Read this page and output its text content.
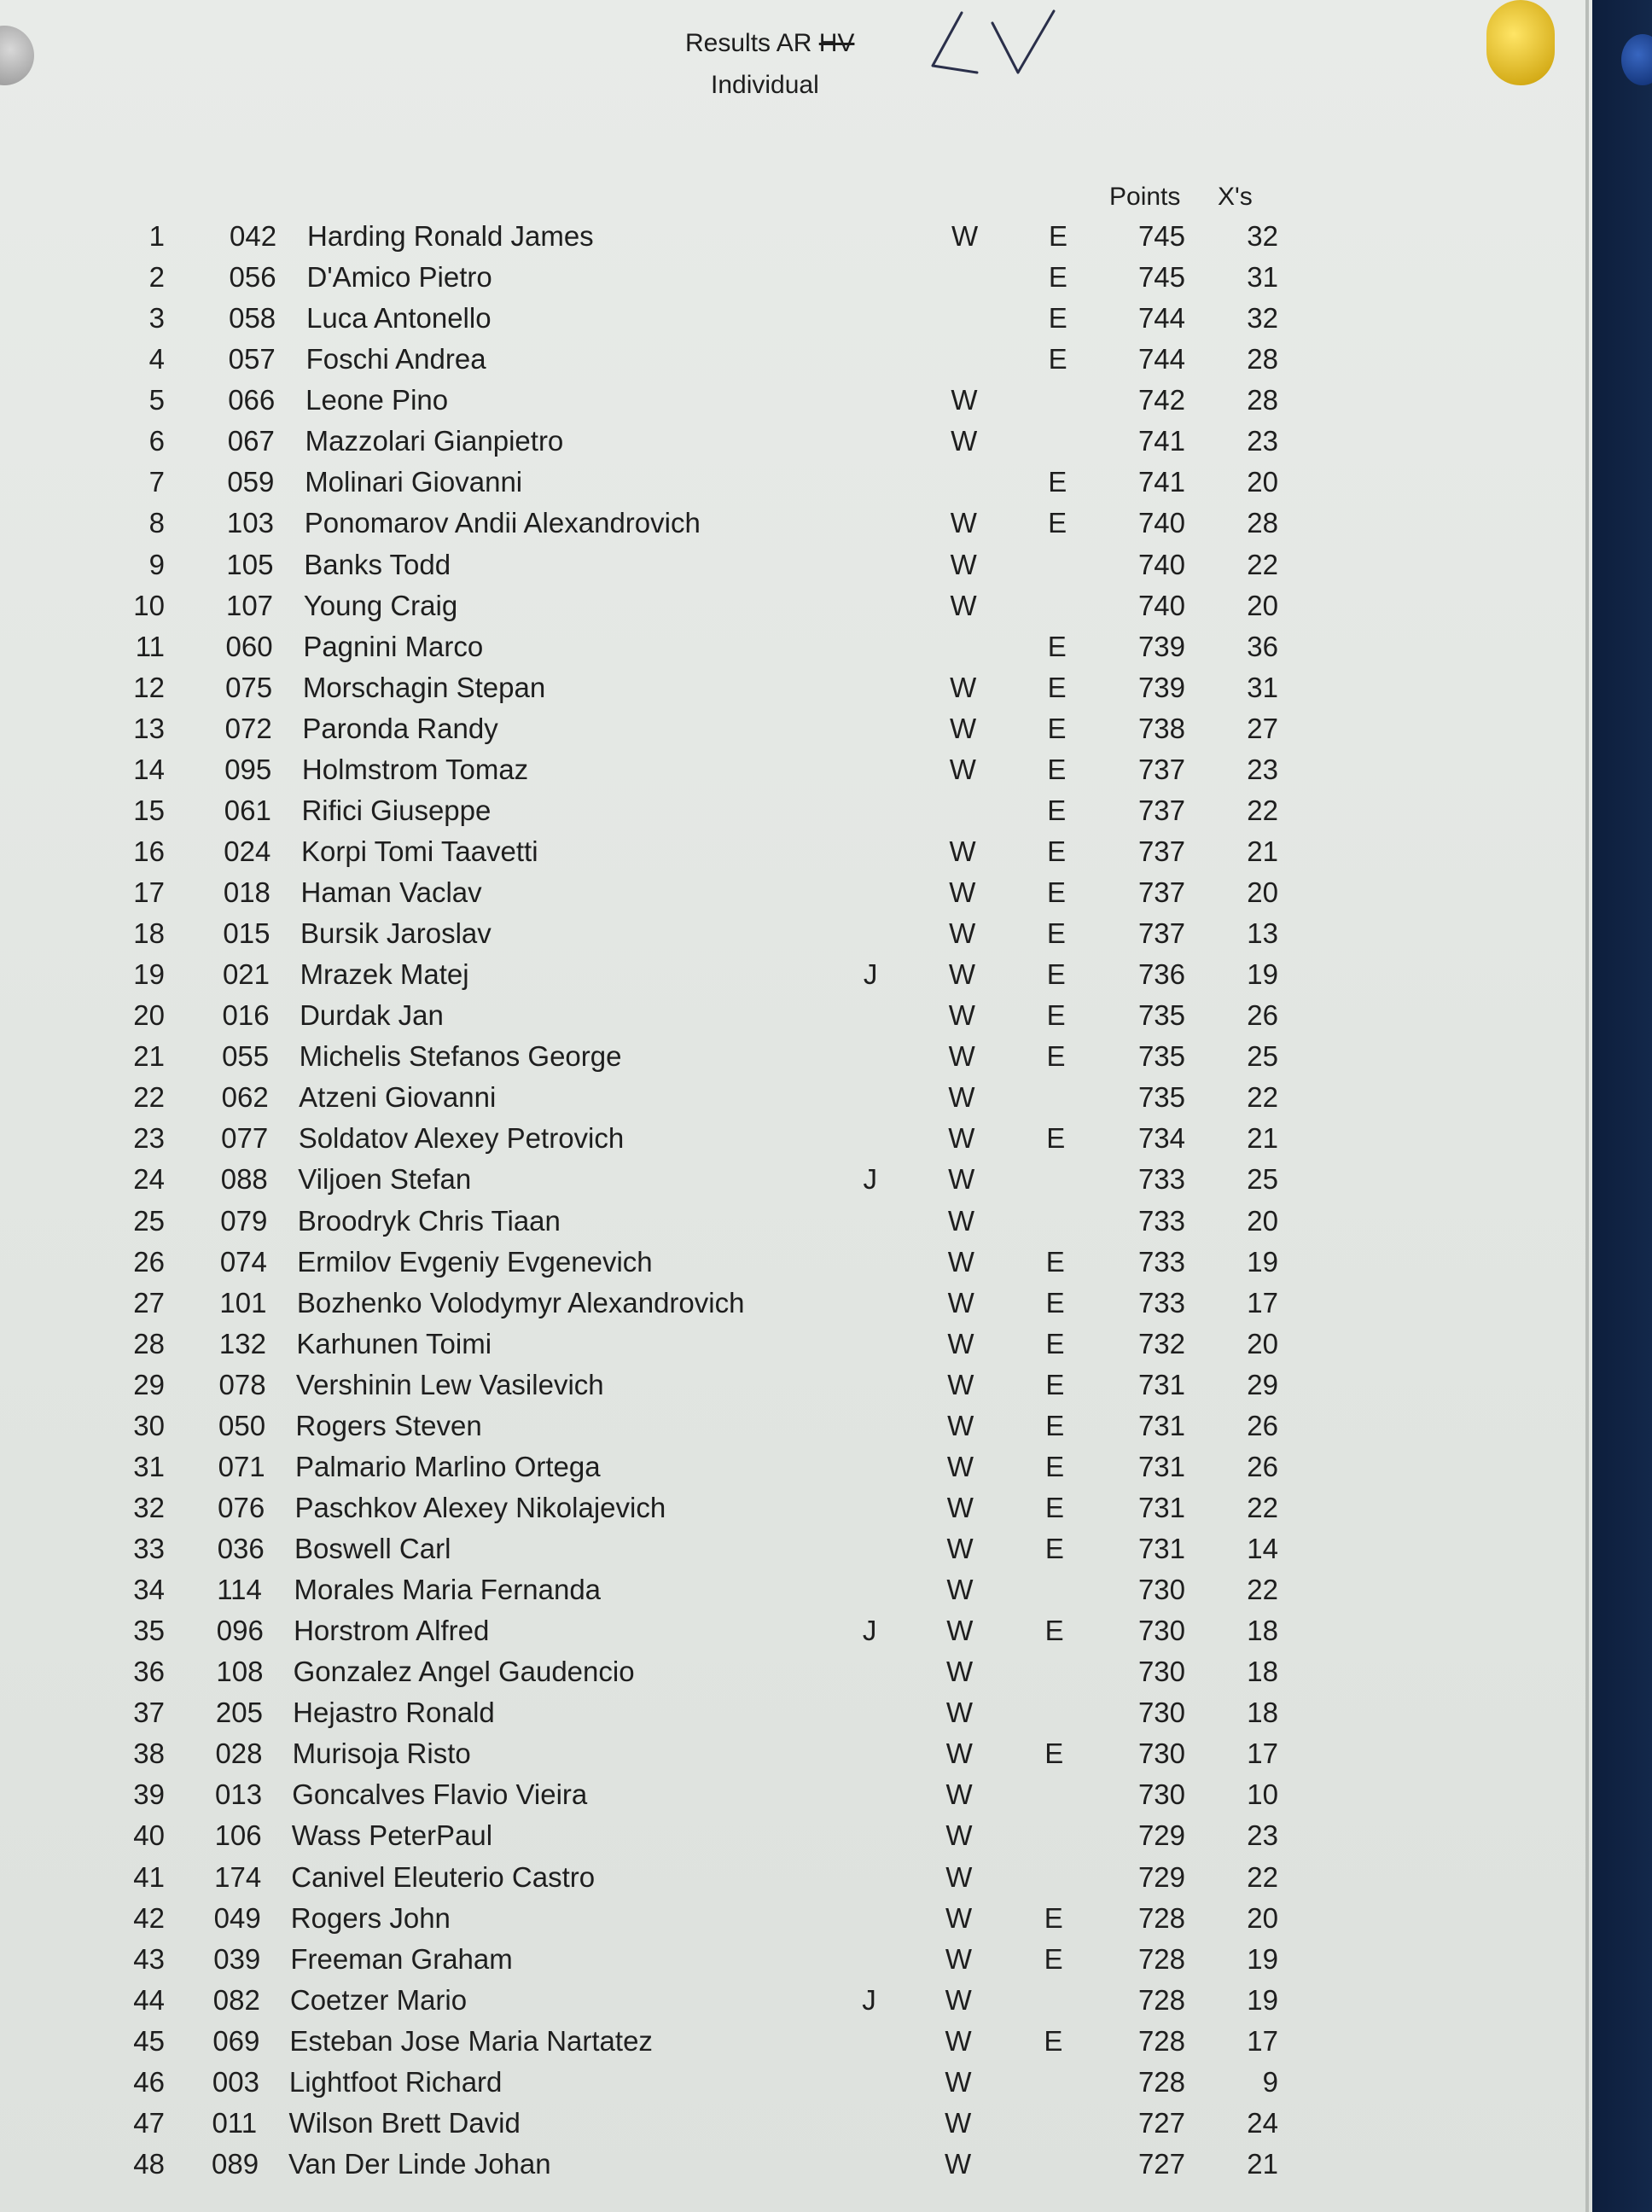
Results AR HV
Individual
Points X's
1 042 Harding Ronald James	W	E	745	32
2 056 D'Amico Pietro	E	745	31
3 058 Luca Antonello	E	744	32
4 057 Foschi Andrea	E	744	28
5 066 Leone Pino	W	742	28
6 067 Mazzolari Gianpietro	W	741	23
7 059 Molinari Giovanni	E	741	20
8 103 Ponomarov Andii Alexandrovich	W	E	740	28
9 105 Banks Todd	W	740	22
10 107 Young Craig	W	740	20
11 060 Pagnini Marco	E	739	36
12 075 Morschagin Stepan	W	E	739	31
13 072 Paronda Randy	W	E	738	27
14 095 Holmstrom Tomaz	W	E	737	23
15 061 Rifici Giuseppe	E	737	22
16 024 Korpi Tomi Taavetti	W	E	737	21
17 018 Haman Vaclav	W	E	737	20
18 015 Bursik Jaroslav	W	E	737	13
19 021 Mrazek Matej	J	W	E	736	19
20 016 Durdak Jan	W	E	735	26
21 055 Michelis Stefanos George	W	E	735	25
22 062 Atzeni Giovanni	W	735	22
23 077 Soldatov Alexey Petrovich	W	E	734	21
24 088 Viljoen Stefan	J	W	733	25
25 079 Broodryk Chris Tiaan	W	733	20
26 074 Ermilov Evgeniy Evgenevich	W	E	733	19
27 101 Bozhenko Volodymyr Alexandrovich	W	E	733	17
28 132 Karhunen Toimi	W	E	732	20
29 078 Vershinin Lew Vasilevich	W	E	731	29
30 050 Rogers Steven	W	E	731	26
31 071 Palmario Marlino Ortega	W	E	731	26
32 076 Paschkov Alexey Nikolajevich	W	E	731	22
33 036 Boswell Carl	W	E	731	14
34 114 Morales Maria Fernanda	W	730	22
35 096 Horstrom Alfred	J W	E	730	18
36 108 Gonzalez Angel Gaudencio	W	730	18
37 205 Hejastro Ronald	W	730	18
38 028 Murisoja Risto	W	E	730	17
39 013 Goncalves Flavio Vieira	W	730	10
40 106 Wass PeterPaul	W	729	23
41 174 Canivel Eleuterio Castro	W	729	22
42 049 Rogers John	W	E	728	20
43 039 Freeman Graham	W	E	728	19
44 082 Coetzer Mario	J W	728	19
45 069 Esteban Jose Maria Nartatez	W	E	728	17
46 003 Lightfoot Richard	W	728	9
47 011 Wilson Brett David	W	727	24
48 089 Van Der Linde Johan	W	727	21
